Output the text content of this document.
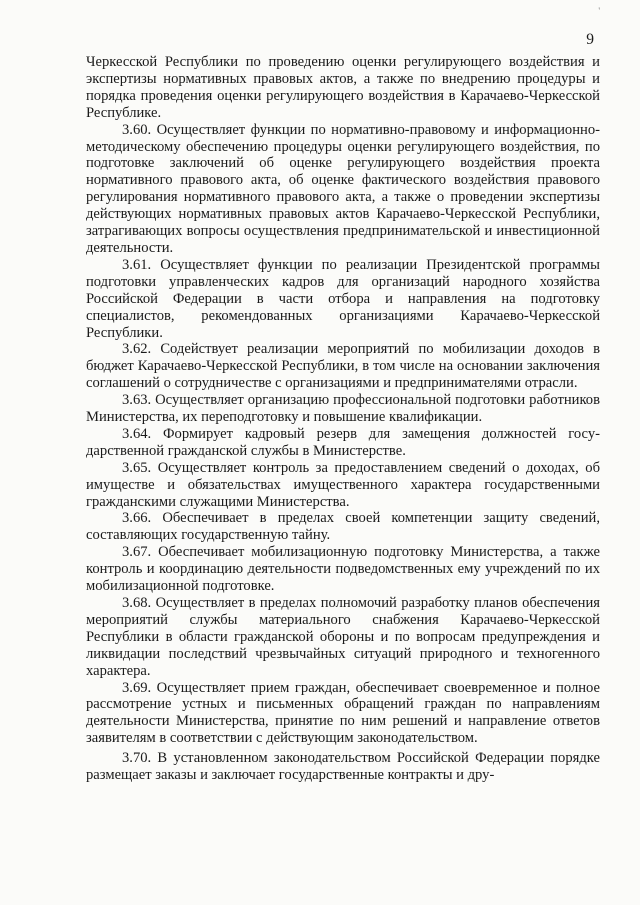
'
9

Черкесской Республики по проведению оценки регулирующего воздействия и экспертизы нормативных правовых актов, а также по внедрению процедуры и порядка проведения оценки регулирующего воздействия в Карачаево-Черкесской Республике.

3.60. Осуществляет функции по нормативно-правовому и информационно-методическому обеспечению процедуры оценки регулирующего воздействия, по подготовке заключений об оценке регулирующего воздействия проекта нормативного правового акта, об оценке фактического воздействия правового регулирования нормативного правового акта, а также о проведении экспертизы действующих нормативных правовых актов Карачаево-Черкесской Республики, затрагивающих вопросы осуществления предпринимательской и инвестиционной деятельности.

3.61. Осуществляет функции по реализации Президентской программы подготовки управленческих кадров для организаций народного хозяйства Российской Федерации в части отбора и направления на подготовку специалистов, рекомендованных организациями Карачаево-Черкесской Республики.

3.62. Содействует реализации мероприятий по мобилизации доходов в бюджет Карачаево-Черкесской Республики, в том числе на основании заключения соглашений о сотрудничестве с организациями и предпринимателями отрасли.

3.63. Осуществляет организацию профессиональной подготовки работников Министерства, их переподготовку и повышение квалификации.

3.64. Формирует кадровый резерв для замещения должностей государственной гражданской службы в Министерстве.

3.65. Осуществляет контроль за предоставлением сведений о доходах, об имуществе и обязательствах имущественного характера государственными гражданскими служащими Министерства.

3.66. Обеспечивает в пределах своей компетенции защиту сведений, составляющих государственную тайну.

3.67. Обеспечивает мобилизационную подготовку Министерства, а также контроль и координацию деятельности подведомственных ему учреждений по их мобилизационной подготовке.

3.68. Осуществляет в пределах полномочий разработку планов обеспечения мероприятий службы материального снабжения Карачаево-Черкесской Республики в области гражданской обороны и по вопросам предупреждения и ликвидации последствий чрезвычайных ситуаций природного и техногенного характера.

3.69. Осуществляет прием граждан, обеспечивает своевременное и полное рассмотрение устных и письменных обращений граждан по направлениям деятельности Министерства, принятие по ним решений и направление ответов заявителям в соответствии с действующим законодательством.

3.70. В установленном законодательством Российской Федерации порядке размещает заказы и заключает государственные контракты и дру-
